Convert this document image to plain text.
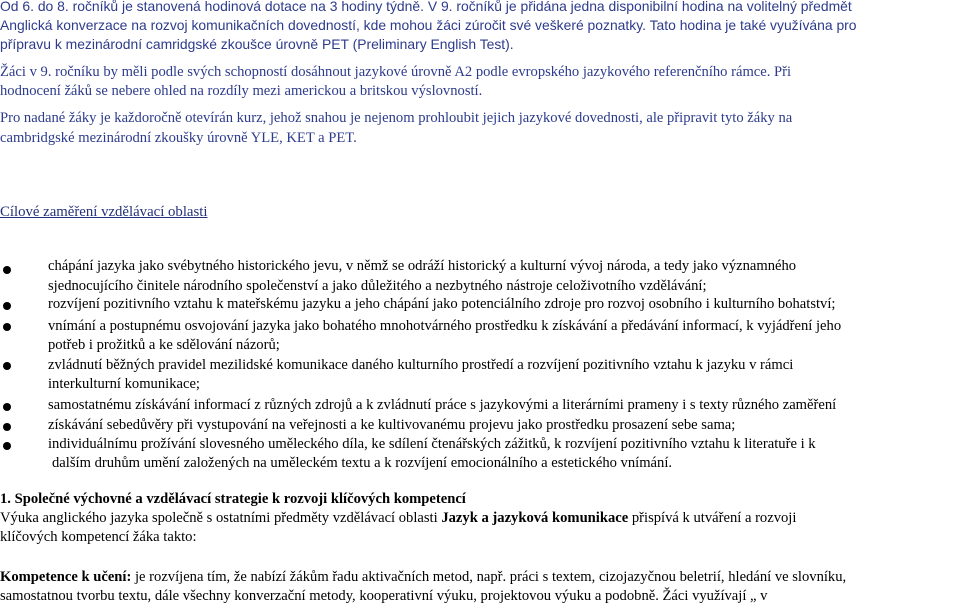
Od 6. do 8. ročníků je stanovená hodinová dotace na 3 hodiny týdně. V 9. ročníků je přidána jedna disponibilní hodina na volitelný předmět

Anglická konverzace na rozvoj komunikačních dovedností, kde mohou žáci zúročit své veškeré poznatky. Tato hodina je také využívána pro

přípravu k mezinárodní camridgské zkoušce úrovně PET (Preliminary English Test).

Žáci v 9. ročníku by měli podle svých schopností dosáhnout jazykové úrovně A2 podle evropského jazykového referenčního rámce. Při

hodnocení žáků se nebere ohled na rozdíly mezi americkou a britskou výslovností.

Pro nadané žáky je každoročně otevírán kurz, jehož snahou je nejenom prohloubit jejich jazykové dovednosti, ale připravit tyto žáky na

cambridgské mezinárodní zkoušky úrovně YLE, KET a PET.

Cílové zaměření vzdělávací oblasti

chápání jazyka jako svébytného historického jevu, v němž se odráží historický a kulturní vývoj národa, a tedy jako významného
sjednocujícího činitele národního společenství a jako důležitého a nezbytného nástroje celoživotního vzdělávání;
rozvíjení pozitivního vztahu k mateřskému jazyku a jeho chápání jako potenciálního zdroje pro rozvoj osobního i kulturního bohatství;
vnímání a postupnému osvojování jazyka jako bohatého mnohotvárného prostředku k získávání a předávání informací, k vyjádření jeho
potřeb i prožitků a ke sdělování názorů;
zvládnutí běžných pravidel mezilidské komunikace daného kulturního prostředí a rozvíjení pozitivního vztahu k jazyku v rámci
interkulturní komunikace;
samostatnému získávání informací z různých zdrojů a k zvládnutí práce s jazykovými a literárními prameny i s texty různého zaměření
získávání sebedůvěry při vystupování na veřejnosti a ke kultivovanému projevu jako prostředku prosazení sebe sama;
individuálnímu prožívání slovesného uměleckého díla, ke sdílení čtenářských zážitků, k rozvíjení pozitivního vztahu k literatuře i k
dalším druhům umění založených na uměleckém textu a k rozvíjení emocionálního a estetického vnímání.

1. Společné výchovné a vzdělávací strategie k rozvoji klíčových kompetencí

Výuka anglického jazyka společně s ostatními předměty vzdělávací oblasti Jazyk a jazyková komunikace přispívá k utváření a rozvoji

klíčových kompetencí žáka takto:

Kompetence k učení: je rozvíjena tím, že nabízí žákům řadu aktivačních metod, např. práci s textem, cizojazyčnou beletrií, hledání ve slovníku,

samostatnou tvorbu textu, dále všechny konverzační metody, kooperativní výuku, projektovou výuku a podobně. Žáci využívají „ v
